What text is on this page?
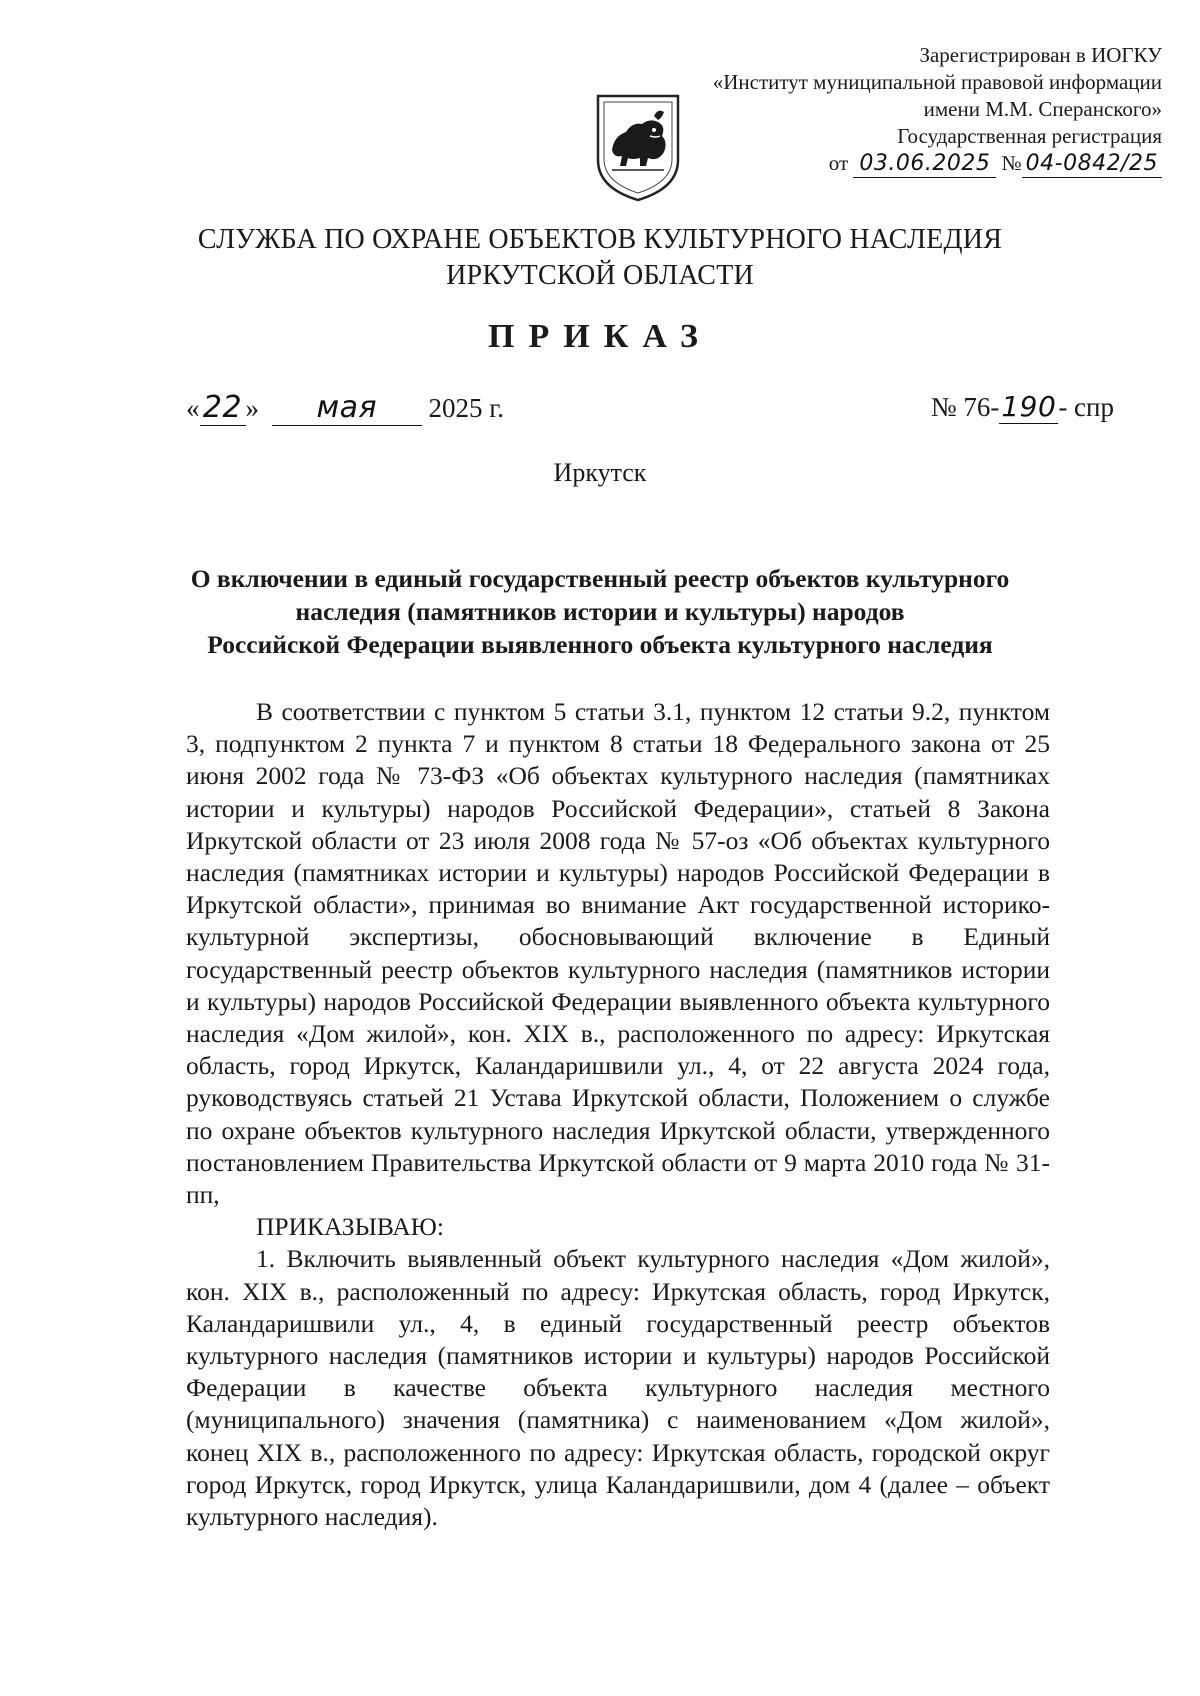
Зарегистрирован в ИОГКУ
«Институт муниципальной правовой информации
имени М.М. Сперанского»
Государственная регистрация
от 03.06.2025 № 04-0842/25
СЛУЖБА ПО ОХРАНЕ ОБЪЕКТОВ КУЛЬТУРНОГО НАСЛЕДИЯ
ИРКУТСКОЙ ОБЛАСТИ
ПРИКАЗ
« 22 » мая 2025 г.	№ 76-190- спр
Иркутск
О включении в единый государственный реестр объектов культурного
наследия (памятников истории и культуры) народов
Российской Федерации выявленного объекта культурного наследия

В соответствии с пунктом 5 статьи 3.1, пунктом 12 статьи 9.2, пунктом 3, подпунктом 2 пункта 7 и пунктом 8 статьи 18 Федерального закона от 25 июня 2002 года № 73-ФЗ «Об объектах культурного наследия (памятниках истории и культуры) народов Российской Федерации», статьей 8 Закона Иркутской области от 23 июля 2008 года № 57-оз «Об объектах культурного наследия (памятниках истории и культуры) народов Российской Федерации в Иркутской области», принимая во внимание Акт государственной историко-культурной экспертизы, обосновывающий включение в Единый государственный реестр объектов культурного наследия (памятников истории и культуры) народов Российской Федерации выявленного объекта культурного наследия «Дом жилой», кон. XIX в., расположенного по адресу: Иркутская область, город Иркутск, Каландаришвили ул., 4, от 22 августа 2024 года, руководствуясь статьей 21 Устава Иркутской области, Положением о службе по охране объектов культурного наследия Иркутской области, утвержденного постановлением Правительства Иркутской области от 9 марта 2010 года № 31-пп,

ПРИКАЗЫВАЮ:

1. Включить выявленный объект культурного наследия «Дом жилой», кон. XIX в., расположенный по адресу: Иркутская область, город Иркутск, Каландаришвили ул., 4, в единый государственный реестр объектов культурного наследия (памятников истории и культуры) народов Российской Федерации в качестве объекта культурного наследия местного (муниципального) значения (памятника) с наименованием «Дом жилой», конец XIX в., расположенного по адресу: Иркутская область, городской округ город Иркутск, город Иркутск, улица Каландаришвили, дом 4 (далее – объект культурного наследия).
